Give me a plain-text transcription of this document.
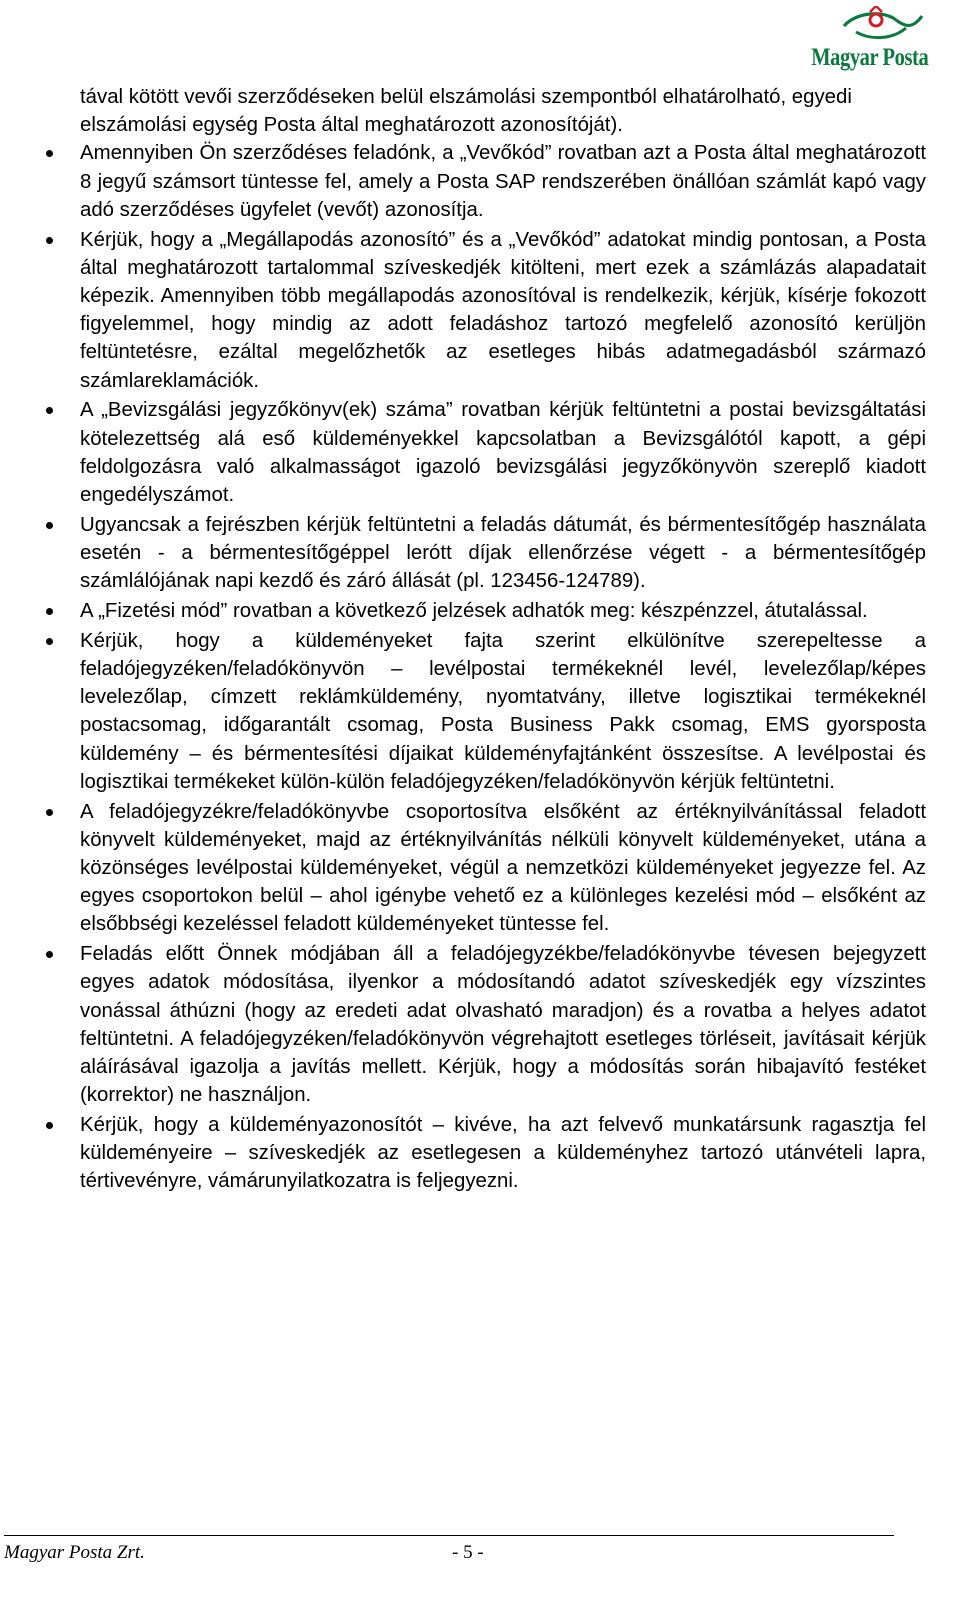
Magyar Posta

tával kötött vevői szerződéseken belül elszámolási szempontból elhatárolható, egyedi elszámolási egység Posta által meghatározott azonosítóját).

Amennyiben Ön szerződéses feladónk, a „Vevőkód” rovatban azt a Posta által meghatározott 8 jegyű számsort tüntesse fel, amely a Posta SAP rendszerében önállóan számlát kapó vagy adó szerződéses ügyfelet (vevőt) azonosítja.
Kérjük, hogy a „Megállapodás azonosító” és a „Vevőkód” adatokat mindig pontosan, a Posta által meghatározott tartalommal szíveskedjék kitölteni, mert ezek a számlázás alapadatait képezik. Amennyiben több megállapodás azonosítóval is rendelkezik, kérjük, kísérje fokozott figyelemmel, hogy mindig az adott feladáshoz tartozó megfelelő azonosító kerüljön feltüntetésre, ezáltal megelőzhetők az esetleges hibás adatmegadásból származó számlareklamációk.
A „Bevizsgálási jegyzőkönyv(ek) száma” rovatban kérjük feltüntetni a postai bevizsgáltatási kötelezettség alá eső küldeményekkel kapcsolatban a Bevizsgálótól kapott, a gépi feldolgozásra való alkalmasságot igazoló bevizsgálási jegyzőkönyvön szereplő kiadott engedélyszámot.
Ugyancsak a fejrészben kérjük feltüntetni a feladás dátumát, és bérmentesítőgép használata esetén - a bérmentesítőgéppel lerótt díjak ellenőrzése végett - a bérmentesítőgép számlálójának napi kezdő és záró állását (pl. 123456-124789).
A „Fizetési mód” rovatban a következő jelzések adhatók meg: készpénzzel, átutalással.
Kérjük, hogy a küldeményeket fajta szerint elkülönítve szerepeltesse a feladójegyzéken/feladókönyvön – levélpostai termékeknél levél, levelezőlap/képes levelezőlap, címzett reklámküldemény, nyomtatvány, illetve logisztikai termékeknél postacsomag, időgarantált csomag, Posta Business Pakk csomag, EMS gyorsposta küldemény – és bérmentesítési díjaikat küldeményfajtánként összesítse. A levélpostai és logisztikai termékeket külön-külön feladójegyzéken/feladókönyvön kérjük feltüntetni.
A feladójegyzékre/feladókönyvbe csoportosítva elsőként az értéknyilvánítással feladott könyvelt küldeményeket, majd az értéknyilvánítás nélküli könyvelt küldeményeket, utána a közönséges levélpostai küldeményeket, végül a nemzetközi küldeményeket jegyezze fel. Az egyes csoportokon belül – ahol igénybe vehető ez a különleges kezelési mód – elsőként az elsőbbségi kezeléssel feladott küldeményeket tüntesse fel.
Feladás előtt Önnek módjában áll a feladójegyzékbe/feladókönyvbe tévesen bejegyzett egyes adatok módosítása, ilyenkor a módosítandó adatot szíveskedjék egy vízszintes vonással áthúzni (hogy az eredeti adat olvasható maradjon) és a rovatba a helyes adatot feltüntetni. A feladójegyzéken/feladókönyvön végrehajtott esetleges törléseit, javításait kérjük aláírásával igazolja a javítás mellett. Kérjük, hogy a módosítás során hibajavító festéket (korrektor) ne használjon.
Kérjük, hogy a küldeményazonosítót – kivéve, ha azt felvevő munkatársunk ragasztja fel küldeményeire – szíveskedjék az esetlegesen a küldeményhez tartozó utánvételi lapra, tértivevényre, vámárunyilatkozatra is feljegyezni.
Magyar Posta Zrt.	- 5 -
